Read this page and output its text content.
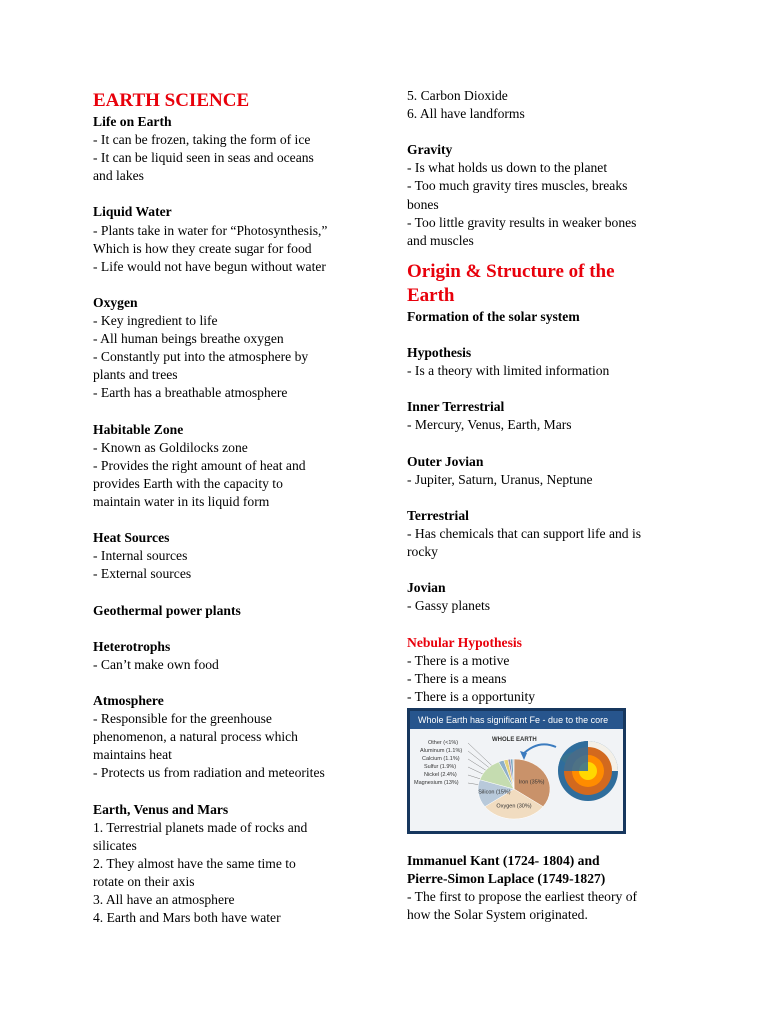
EARTH SCIENCE
Life on Earth
- It can be frozen, taking the form of ice
- It can be liquid seen in seas and oceans
and lakes
Liquid Water
- Plants take in water for “Photosynthesis,”
Which is how they create sugar for food
- Life would not have begun without water
Oxygen
- Key ingredient to life
- All human beings breathe oxygen
- Constantly put into the atmosphere by
plants and trees
- Earth has a breathable atmosphere
Habitable Zone
- Known as Goldilocks zone
- Provides the right amount of heat and
provides Earth with the capacity to
maintain water in its liquid form
Heat Sources
- Internal sources
- External sources
Geothermal power plants
Heterotrophs
- Can’t make own food
Atmosphere
- Responsible for the greenhouse
phenomenon, a natural process which
maintains heat
- Protects us from radiation and meteorites
Earth, Venus and Mars
1. Terrestrial planets made of rocks and
silicates
2. They almost have the same time to
rotate on their axis
3. All have an atmosphere
4. Earth and Mars both have water
5. Carbon Dioxide
6. All have landforms
Gravity
- Is what holds us down to the planet
- Too much gravity tires muscles, breaks
bones
- Too little gravity results in weaker bones
and muscles
Origin & Structure of the
Earth
Formation of the solar system
Hypothesis
- Is a theory with limited information
Inner Terrestrial
- Mercury, Venus, Earth, Mars
Outer Jovian
- Jupiter, Saturn, Uranus, Neptune
Terrestrial
- Has chemicals that can support life and is
rocky
Jovian
- Gassy planets
Nebular Hypothesis
- There is a motive
- There is a means
- There is a opportunity
Whole Earth has significant Fe - due to the core
WHOLE EARTH
Other (<1%)
Aluminum (1.1%)
Calcium (1.1%)
Sulfur (1.9%)
Nickel (2.4%)
Magnesium (13%)	Iron (35%)
Oxygen (30%)
Silicon (15%)
Immanuel Kant (1724- 1804) and
Pierre-Simon Laplace (1749-1827)
- The first to propose the earliest theory of
how the Solar System originated.
